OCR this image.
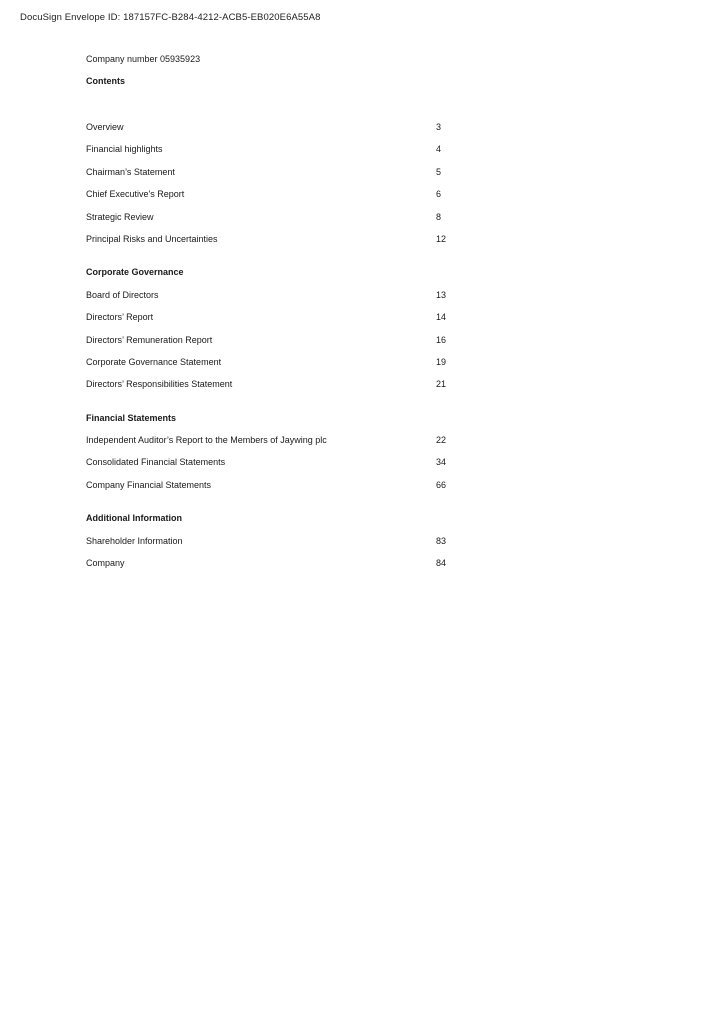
DocuSign Envelope ID: 187157FC-B284-4212-ACB5-EB020E6A55A8
Company number 05935923
Contents
Overview	3
Financial highlights	4
Chairman’s Statement	5
Chief Executive's Report	6
Strategic Review	8
Principal Risks and Uncertainties	12
Corporate Governance
Board of Directors	13
Directors’ Report	14
Directors’ Remuneration Report	16
Corporate Governance Statement	19
Directors’ Responsibilities Statement	21
Financial Statements
Independent Auditor’s Report to the Members of Jaywing plc	22
Consolidated Financial Statements	34
Company Financial Statements	66
Additional Information
Shareholder Information	83
Company	84
